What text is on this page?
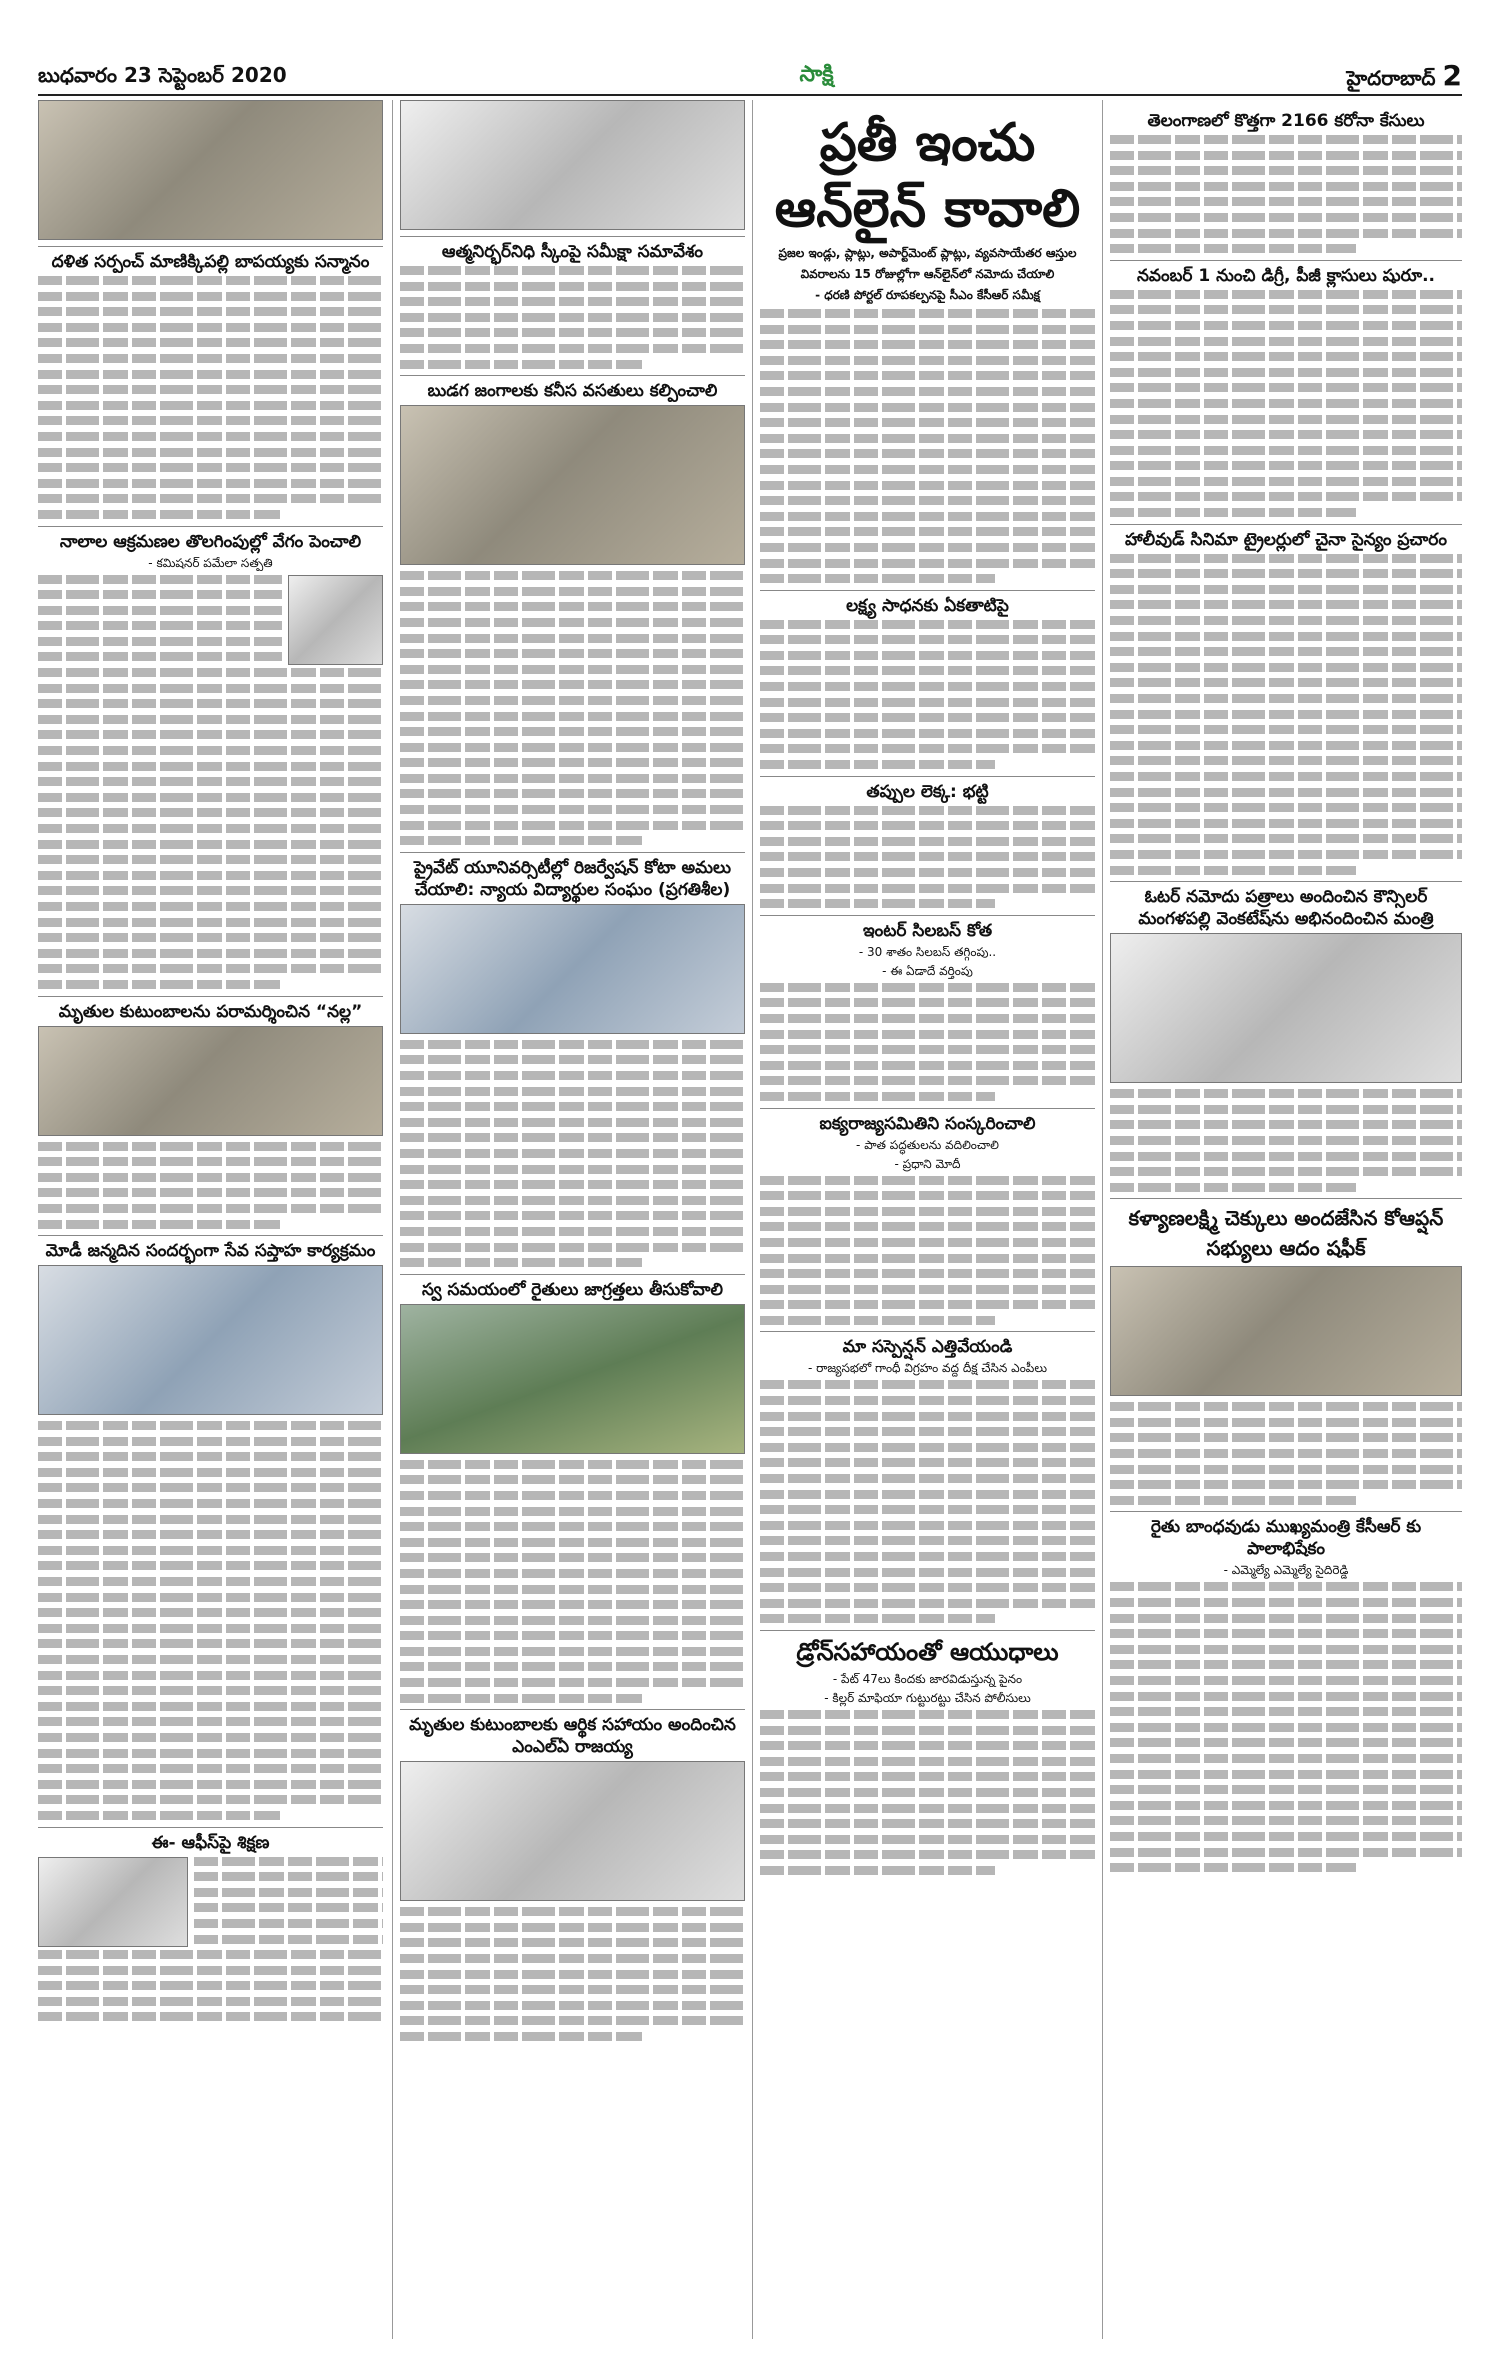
బుధవారం 23 సెప్టెంబర్ 2020	సాక్షి	హైదరాబాద్ 2
దళిత సర్పంచ్ మాణిక్కిపల్లి బాపయ్యకు సన్మానం
నాలాల ఆక్రమణల తొలగింపుల్లో వేగం పెంచాలి
- కమిషనర్ పమేలా సత్పతి
మృతుల కుటుంబాలను పరామర్శించిన “నల్ల”
మోడీ జన్మదిన సందర్భంగా సేవ సప్తాహ కార్యక్రమం
ఈ- ఆఫీస్‌పై శిక్షణ
ఆత్మనిర్భర్‌నిధి స్కీంపై సమీక్షా సమావేశం
బుడగ జంగాలకు కనీస వసతులు కల్పించాలి
ప్రైవేట్ యూనివర్సిటీల్లో రిజర్వేషన్ కోటా అమలు చేయాలి: న్యాయ విద్యార్థుల సంఘం (ప్రగతిశీల)
స్వ సమయంలో రైతులు జాగ్రత్తలు తీసుకోవాలి
మృతుల కుటుంబాలకు ఆర్థిక సహాయం అందించిన ఎంఎల్ఏ రాజయ్య
ప్రతీ ఇంచు ఆన్‌లైన్ కావాలి
ప్రజల ఇండ్లు, ప్లాట్లు, అపార్ట్‌మెంట్ ప్లాట్లు, వ్యవసాయేతర ఆస్తుల
వివరాలను 15 రోజుల్లోగా ఆన్‌లైన్‌లో నమోదు చేయాలి
- ధరణి పోర్టల్ రూపకల్పనపై సీఎం కేసీఆర్ సమీక్ష
లక్ష్య సాధనకు ఏకతాటిపై
తప్పుల లెక్క: భట్టి
ఇంటర్ సిలబస్ కోత
- 30 శాతం సిలబస్ తగ్గింపు..
- ఈ ఏడాదే వర్తింపు
ఐక్యరాజ్యసమితిని సంస్కరించాలి
- పాత పద్ధతులను వదిలించాలి
- ప్రధాని మోదీ
మా సస్పెన్షన్ ఎత్తివేయండి
- రాజ్యసభలో గాంధీ విగ్రహం వద్ద దీక్ష చేసిన ఎంపీలు
డ్రోన్‌సహాయంతో ఆయుధాలు
- పేట్ 47లు కిందకు జారవిడుస్తున్న పైనం
- కిల్లర్ మాఫియా గుట్టురట్టు చేసిన పోలీసులు
తెలంగాణలో కొత్తగా 2166 కరోనా కేసులు
నవంబర్ 1 నుంచి డిగ్రీ, పీజీ క్లాసులు షురూ..
హాలీవుడ్ సినిమా ట్రైలర్లులో చైనా సైన్యం ప్రచారం
ఓటర్ నమోదు పత్రాలు అందించిన కౌన్సిలర్ మంగళపల్లి వెంకటేష్‌ను అభినందించిన మంత్రి
కళ్యాణలక్ష్మి చెక్కులు అందజేసిన కోఆప్షన్ సభ్యులు ఆదం షఫీక్
రైతు బాంధవుడు ముఖ్యమంత్రి కేసీఆర్ కు పాలాభిషేకం
- ఎమ్మెల్యే ఎమ్మెల్యే సైదిరెడ్డి
